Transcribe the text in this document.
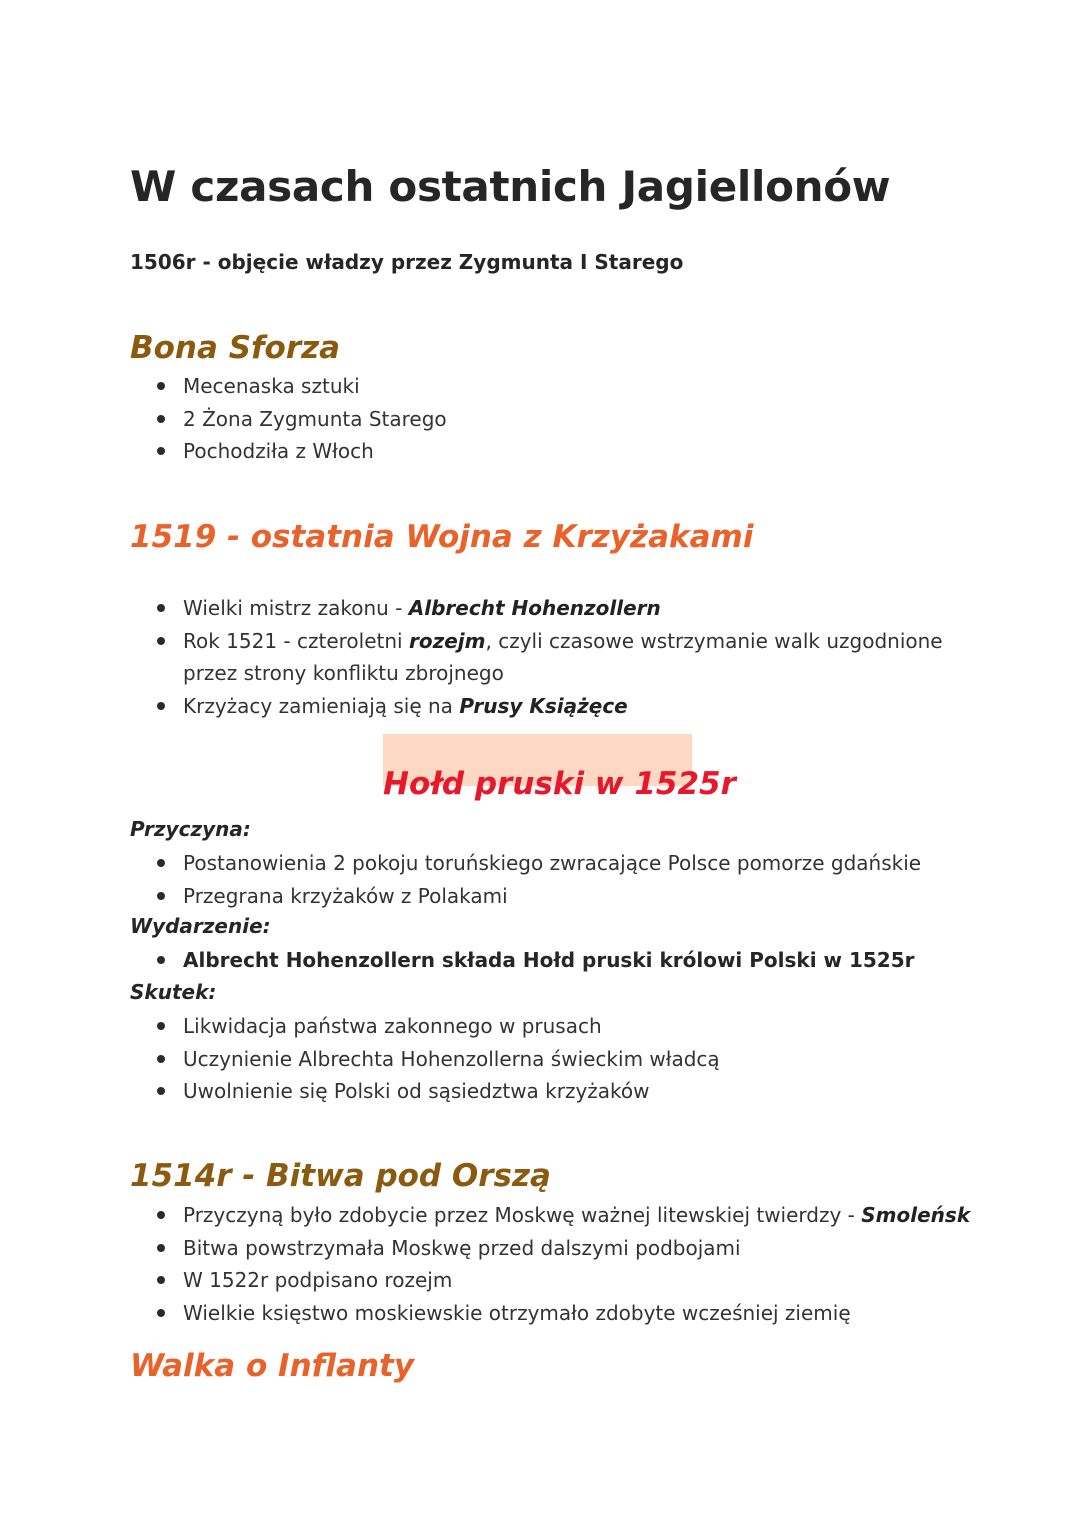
W czasach ostatnich Jagiellonów

1506r - objęcie władzy przez Zygmunta I Starego

Bona Sforza
Mecenaska sztuki
2 Żona Zygmunta Starego
Pochodziła z Włoch
1519 - ostatnia Wojna z Krzyżakami
Wielki mistrz zakonu - Albrecht Hohenzollern
Rok 1521 - czteroletni rozejm, czyli czasowe wstrzymanie walk uzgodnione
przez strony konfliktu zbrojnego
Krzyżacy zamieniają się na Prusy Książęce
Hołd pruski w 1525r

Przyczyna:

Postanowienia 2 pokoju toruńskiego zwracające Polsce pomorze gdańskie
Przegrana krzyżaków z Polakami

Wydarzenie:

Albrecht Hohenzollern składa Hołd pruski królowi Polski w 1525r

Skutek:

Likwidacja państwa zakonnego w prusach
Uczynienie Albrechta Hohenzollerna świeckim władcą
Uwolnienie się Polski od sąsiedztwa krzyżaków
1514r - Bitwa pod Orszą
Przyczyną było zdobycie przez Moskwę ważnej litewskiej twierdzy - Smoleńsk
Bitwa powstrzymała Moskwę przed dalszymi podbojami
W 1522r podpisano rozejm
Wielkie księstwo moskiewskie otrzymało zdobyte wcześniej ziemię
Walka o Inflanty
